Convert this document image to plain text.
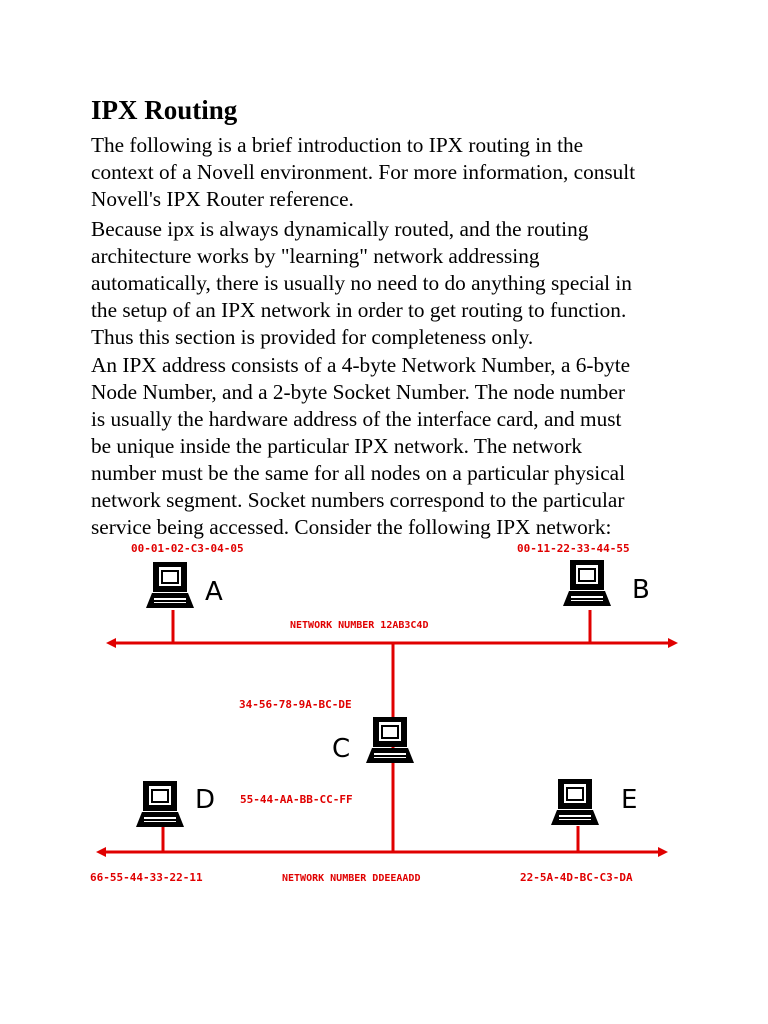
IPX Routing

The following is a brief introduction to IPX routing in the
context of a Novell environment. For more information, consult
Novell's IPX Router reference.

Because ipx is always dynamically routed, and the routing
architecture works by "learning" network addressing
automatically, there is usually no need to do anything special in
the setup of an IPX network in order to get routing to function.
Thus this section is provided for completeness only.

An IPX address consists of a 4-byte Network Number, a 6-byte
Node Number, and a 2-byte Socket Number. The node number
is usually the hardware address of the interface card, and must
be unique inside the particular IPX network. The network
number must be the same for all nodes on a particular physical
network segment. Socket numbers correspond to the particular
service being accessed. Consider the following IPX network:

A	B
C
D	E
00-01-02-C3-04-05	00-11-22-33-44-55
34-56-78-9A-BC-DE
55-44-AA-BB-CC-FF
66-55-44-33-22-11	22-5A-4D-BC-C3-DA
NETWORK NUMBER 12AB3C4D
NETWORK NUMBER DDEEAADD
